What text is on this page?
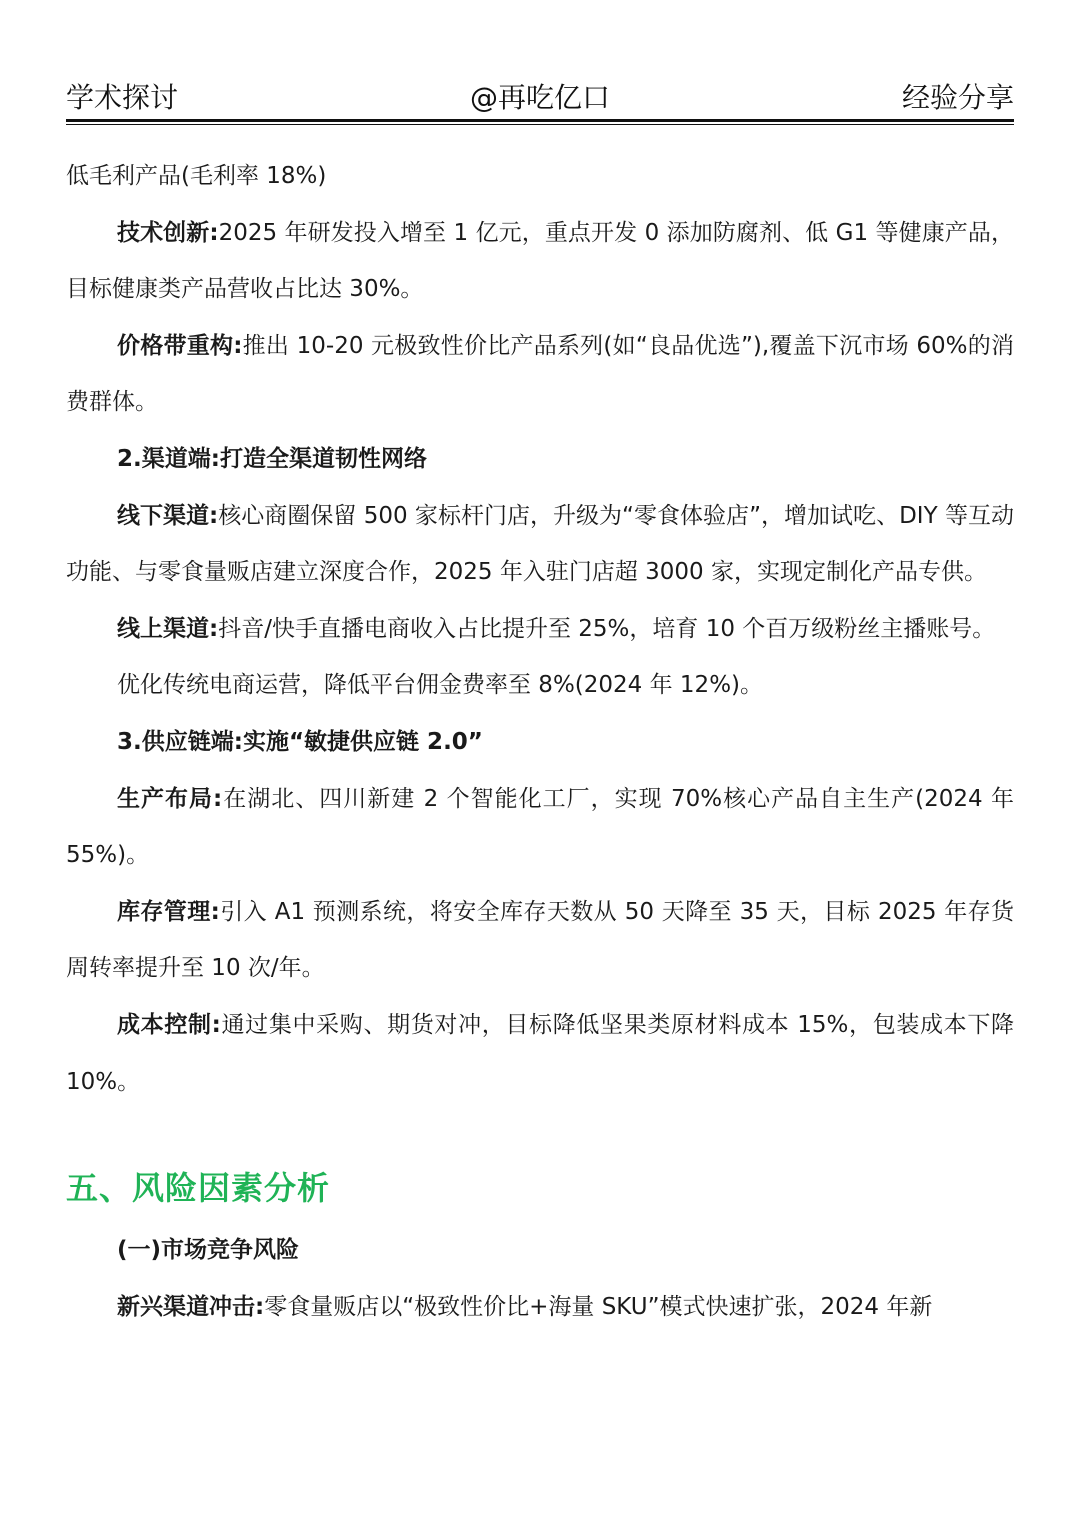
学术探讨	@再吃亿口	经验分享

低毛利产品(毛利率 18%)

技术创新:2025 年研发投入增至 1 亿元，重点开发 0 添加防腐剂、低 G1 等健康产品，目标健康类产品营收占比达 30%。

价格带重构:推出 10-20 元极致性价比产品系列(如“良品优选”),覆盖下沉市场 60%的消费群体。

2.渠道端:打造全渠道韧性网络

线下渠道:核心商圈保留 500 家标杆门店，升级为“零食体验店”，增加试吃、DIY 等互动功能、与零食量贩店建立深度合作，2025 年入驻门店超 3000 家，实现定制化产品专供。

线上渠道:抖音/快手直播电商收入占比提升至 25%，培育 10 个百万级粉丝主播账号。

优化传统电商运营，降低平台佣金费率至 8%(2024 年 12%)。

3.供应链端:实施“敏捷供应链 2.0”

生产布局:在湖北、四川新建 2 个智能化工厂，实现 70%核心产品自主生产(2024 年 55%)。

库存管理:引入 A1 预测系统，将安全库存天数从 50 天降至 35 天，目标 2025 年存货周转率提升至 10 次/年。

成本控制:通过集中采购、期货对冲，目标降低坚果类原材料成本 15%，包装成本下降 10%。

五、风险因素分析

(一)市场竞争风险

新兴渠道冲击:零食量贩店以“极致性价比+海量 SKU”模式快速扩张，2024 年新
